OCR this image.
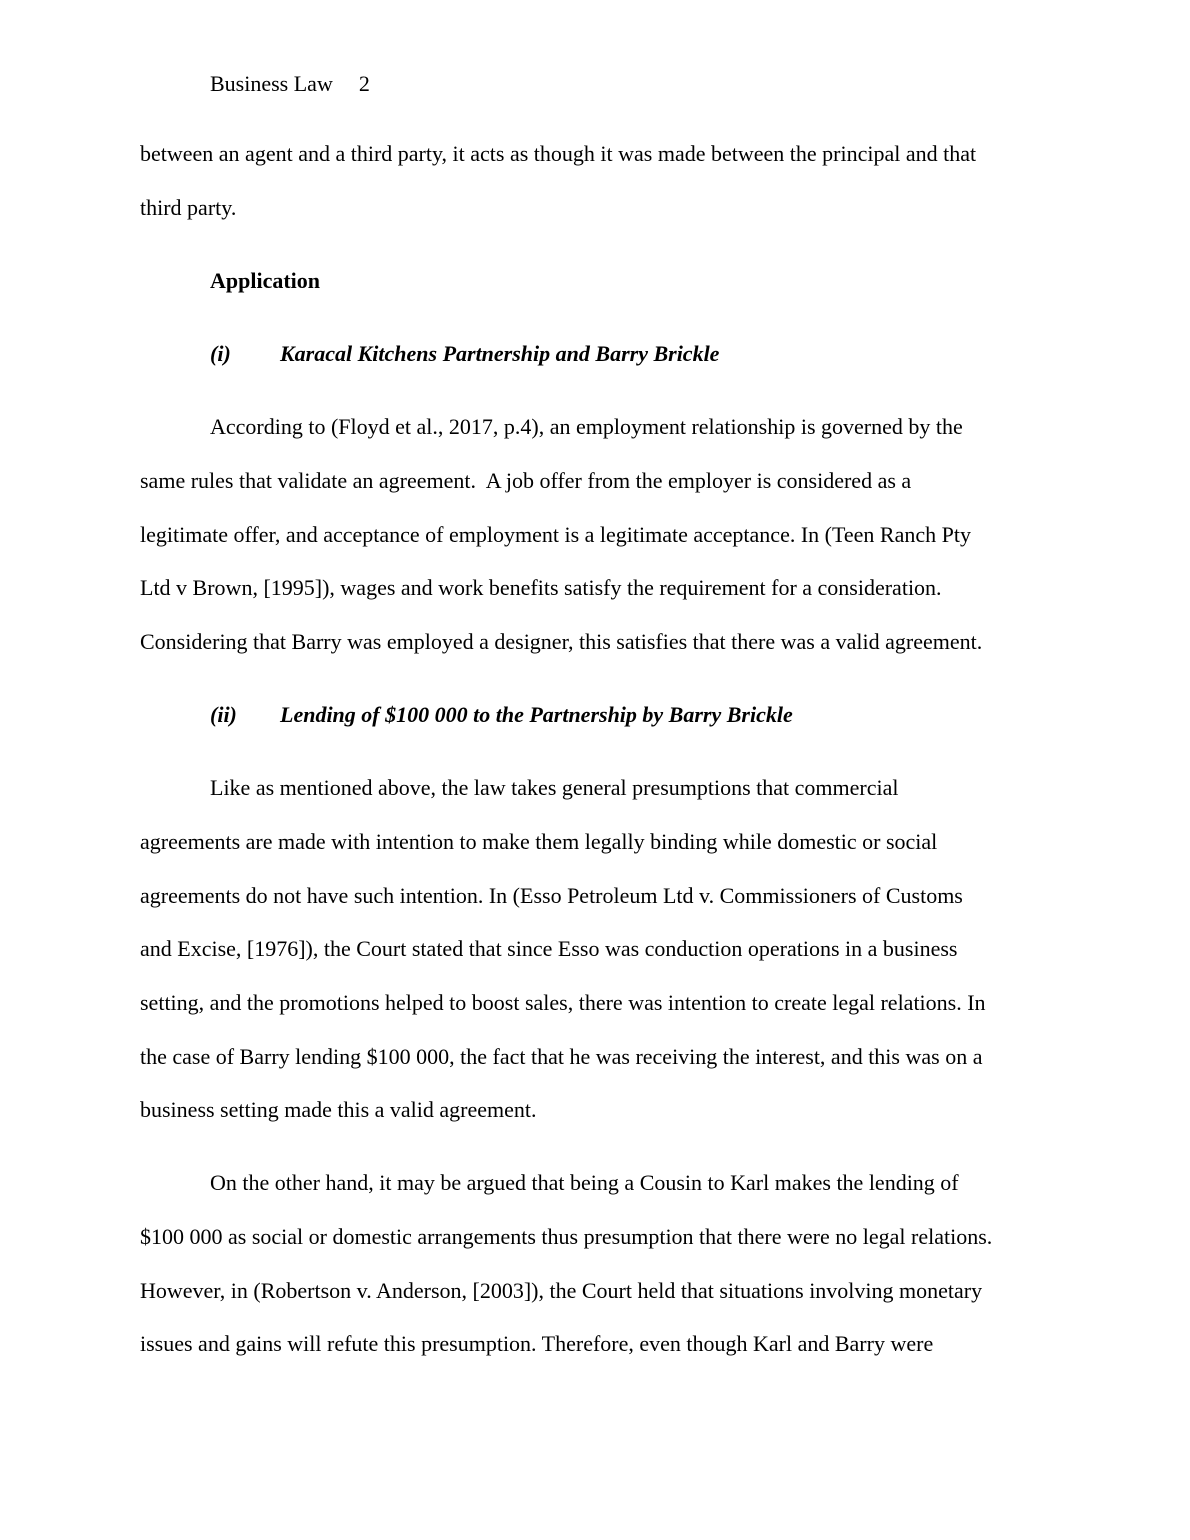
Business Law 2
between an agent and a third party, it acts as though it was made between the principal and that
third party.
Application
(i) Karacal Kitchens Partnership and Barry Brickle
According to (Floyd et al., 2017, p.4), an employment relationship is governed by the
same rules that validate an agreement.  A job offer from the employer is considered as a
legitimate offer, and acceptance of employment is a legitimate acceptance. In (Teen Ranch Pty
Ltd v Brown, [1995]), wages and work benefits satisfy the requirement for a consideration.
Considering that Barry was employed a designer, this satisfies that there was a valid agreement.
(ii) Lending of $100 000 to the Partnership by Barry Brickle
Like as mentioned above, the law takes general presumptions that commercial
agreements are made with intention to make them legally binding while domestic or social
agreements do not have such intention. In (Esso Petroleum Ltd v. Commissioners of Customs
and Excise, [1976]), the Court stated that since Esso was conduction operations in a business
setting, and the promotions helped to boost sales, there was intention to create legal relations. In
the case of Barry lending $100 000, the fact that he was receiving the interest, and this was on a
business setting made this a valid agreement.
On the other hand, it may be argued that being a Cousin to Karl makes the lending of
$100 000 as social or domestic arrangements thus presumption that there were no legal relations.
However, in (Robertson v. Anderson, [2003]), the Court held that situations involving monetary
issues and gains will refute this presumption. Therefore, even though Karl and Barry were
